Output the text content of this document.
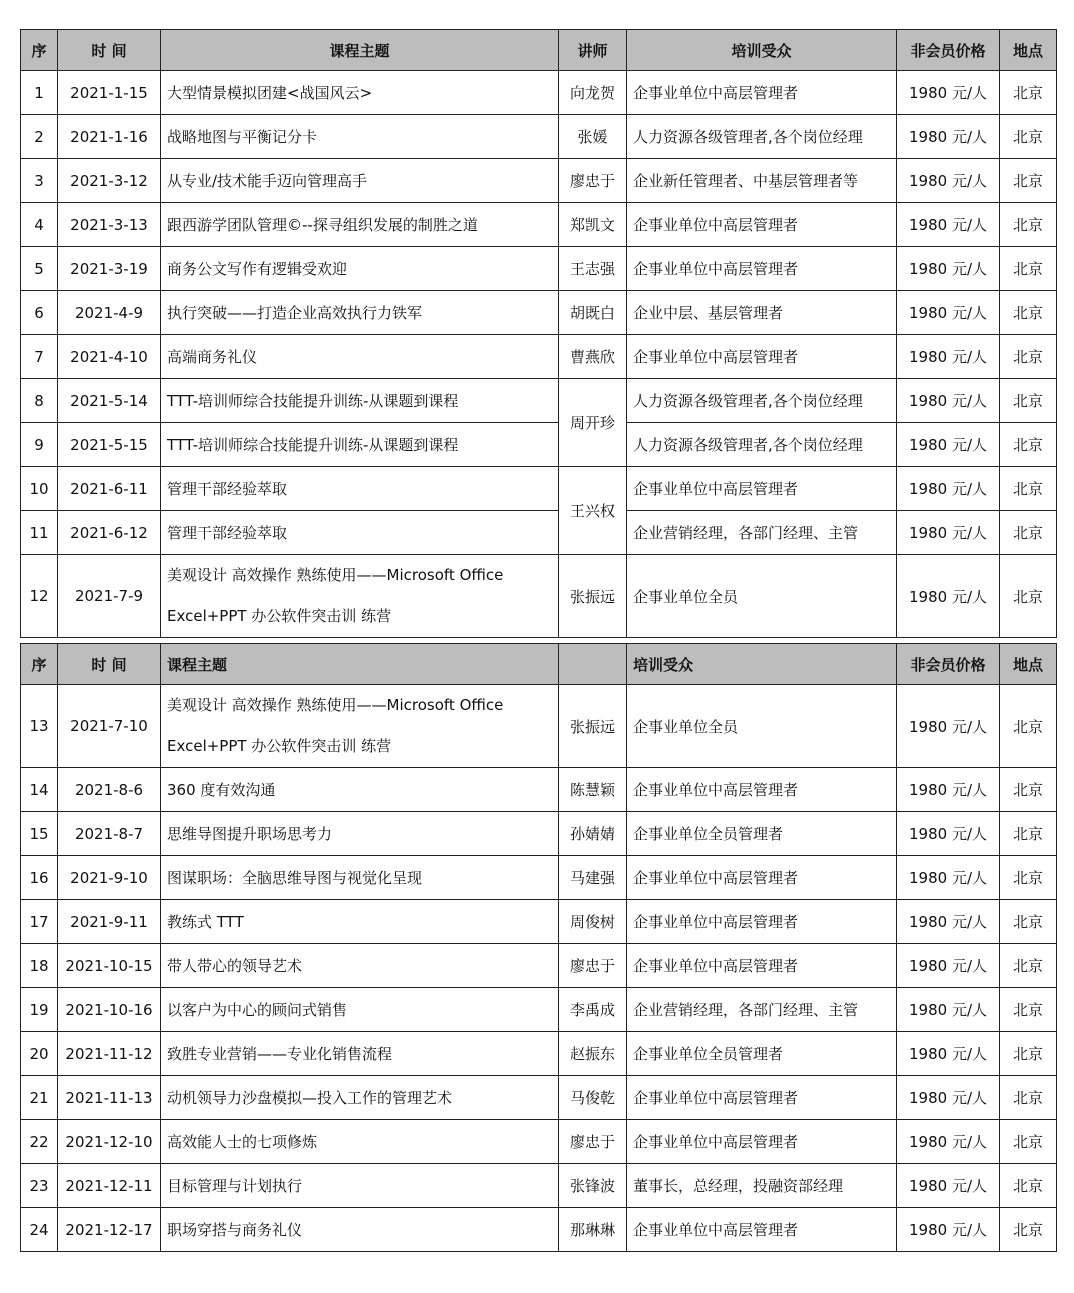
序	时 间	课程主题	讲师	培训受众	非会员价格	地点
1	2021-1-15	大型情景模拟团建<战国风云>	向龙贺	企事业单位中高层管理者	1980 元/人	北京
2	2021-1-16	战略地图与平衡记分卡	张媛	人力资源各级管理者,各个岗位经理	1980 元/人	北京
3	2021-3-12	从专业/技术能手迈向管理高手	廖忠于	企业新任管理者、中基层管理者等	1980 元/人	北京
4	2021-3-13	跟西游学团队管理©--探寻组织发展的制胜之道	郑凯文	企事业单位中高层管理者	1980 元/人	北京
5	2021-3-19	商务公文写作有逻辑受欢迎	王志强	企事业单位中高层管理者	1980 元/人	北京
6	2021-4-9	执行突破——打造企业高效执行力铁军	胡既白	企业中层、基层管理者	1980 元/人	北京
7	2021-4-10	高端商务礼仪	曹燕欣	企事业单位中高层管理者	1980 元/人	北京
8	2021-5-14	TTT-培训师综合技能提升训练-从课题到课程	周开珍	人力资源各级管理者,各个岗位经理	1980 元/人	北京
9	2021-5-15	TTT-培训师综合技能提升训练-从课题到课程		人力资源各级管理者,各个岗位经理	1980 元/人	北京
10	2021-6-11	管理干部经验萃取	王兴权	企事业单位中高层管理者	1980 元/人	北京
11	2021-6-12	管理干部经验萃取		企业营销经理，各部门经理、主管	1980 元/人	北京
12	2021-7-9	美观设计 高效操作 熟练使用——Microsoft Office
Excel+PPT 办公软件突击训 练营	张振远	企事业单位全员	1980 元/人	北京
序	时 间	课程主题		培训受众	非会员价格	地点
13	2021-7-10	美观设计 高效操作 熟练使用——Microsoft Office
Excel+PPT 办公软件突击训 练营	张振远	企事业单位全员	1980 元/人	北京
14	2021-8-6	360 度有效沟通	陈慧颖	企事业单位中高层管理者	1980 元/人	北京
15	2021-8-7	思维导图提升职场思考力	孙婧婧	企事业单位全员管理者	1980 元/人	北京
16	2021-9-10	图谋职场：全脑思维导图与视觉化呈现	马建强	企事业单位中高层管理者	1980 元/人	北京
17	2021-9-11	教练式 TTT	周俊树	企事业单位中高层管理者	1980 元/人	北京
18	2021-10-15	带人带心的领导艺术	廖忠于	企事业单位中高层管理者	1980 元/人	北京
19	2021-10-16	以客户为中心的顾问式销售	李禹成	企业营销经理，各部门经理、主管	1980 元/人	北京
20	2021-11-12	致胜专业营销——专业化销售流程	赵振东	企事业单位全员管理者	1980 元/人	北京
21	2021-11-13	动机领导力沙盘模拟—投入工作的管理艺术	马俊乾	企事业单位中高层管理者	1980 元/人	北京
22	2021-12-10	高效能人士的七项修炼	廖忠于	企事业单位中高层管理者	1980 元/人	北京
23	2021-12-11	目标管理与计划执行	张锋波	董事长，总经理，投融资部经理	1980 元/人	北京
24	2021-12-17	职场穿搭与商务礼仪	那琳琳	企事业单位中高层管理者	1980 元/人	北京
